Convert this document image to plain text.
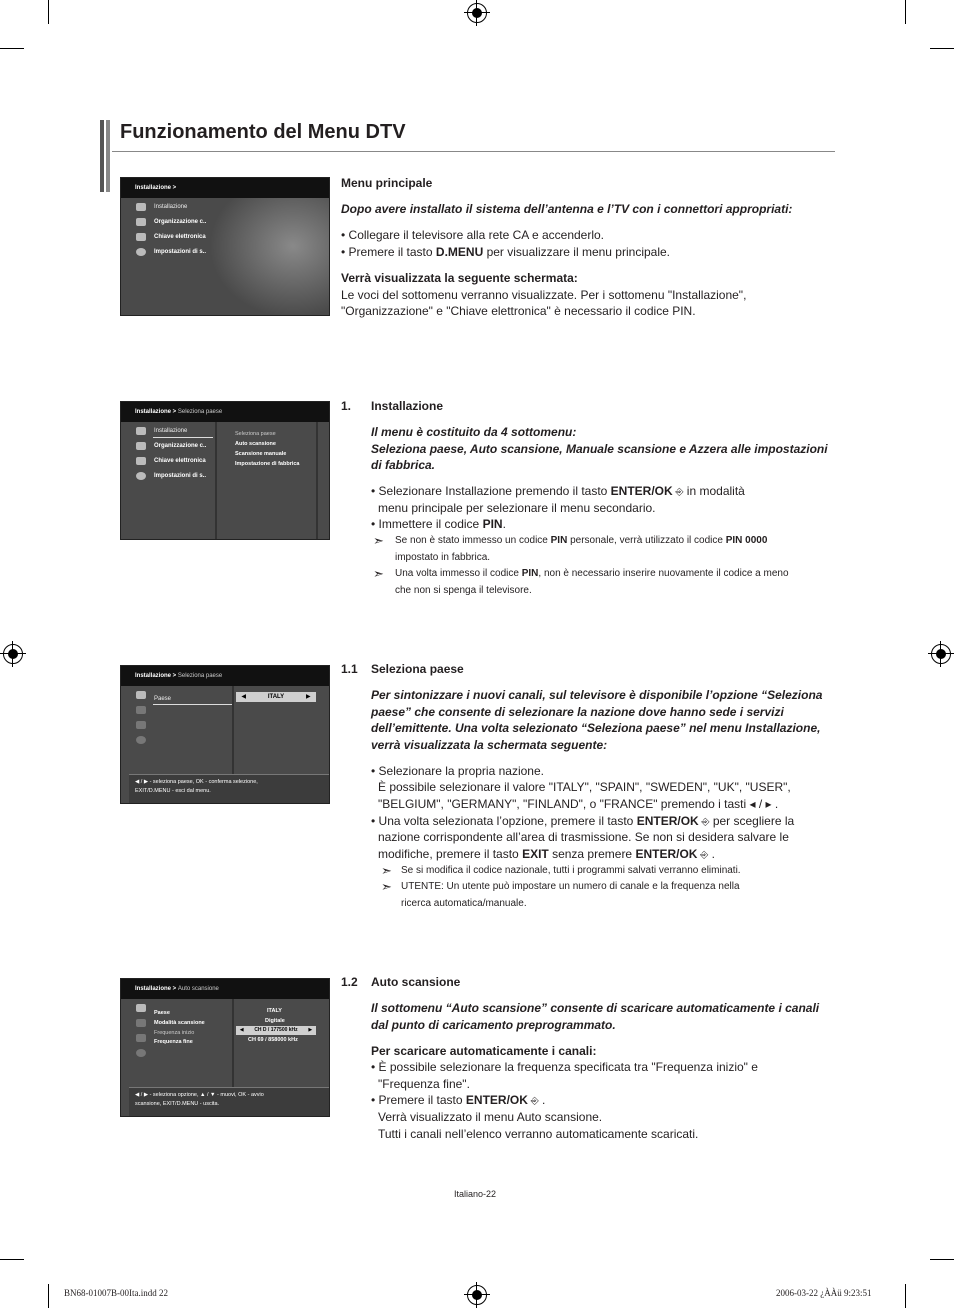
Funzionamento del Menu DTV
Installazione >
Installazione
Organizzazione c..
Chiave elettronica
Impostazioni di s..
Installazione > Seleziona paese
Installazione
Organizzazione c..
Chiave elettronica
Impostazioni di s..
Seleziona paese
Auto scansione
Scansione manuale
Impostazione di fabbrica
Installazione > Seleziona paese
Paese	◀	ITALY	▶
◀ / ▶ - seleziona paese, OK - conferma selezione,
EXIT/D.MENU - esci dal menu.
Installazione > Auto scansione
Paese
Modalità scansione
Frequenza inizio
Frequenza fine
ITALY
Digitale
◀ CH D / 177500 kHz ▶
CH 69 / 858000 kHz
◀ / ▶ - seleziona opzione, ▲ / ▼ - muovi, OK - avvio
scansione, EXIT/D.MENU - uscita.
Menu principale
Dopo avere installato il sistema dell’antenna e l’TV con i connettori appropriati:
• Collegare il televisore alla rete CA e accenderlo.
• Premere il tasto D.MENU per visualizzare il menu principale.
Verrà visualizzata la seguente schermata:
Le voci del sottomenu verranno visualizzate. Per i sottomenu "Installazione",
"Organizzazione" e "Chiave elettronica" è necessario il codice PIN.
1. Installazione
Il menu è costituito da 4 sottomenu:
Seleziona paese, Auto scansione, Manuale scansione e Azzera alle impostazioni
di fabbrica.
• Selezionare Installazione premendo il tasto ENTER/OK ⎆ in modalità
menu principale per selezionare il menu secondario.
• Immettere il codice PIN.
➣ Se non è stato immesso un codice PIN personale, verrà utilizzato il codice PIN 0000
impostato in fabbrica.
➣ Una volta immesso il codice PIN, non è necessario inserire nuovamente il codice a meno
che non si spenga il televisore.
1.1 Seleziona paese
Per sintonizzare i nuovi canali, sul televisore è disponibile l’opzione “Seleziona
paese” che consente di selezionare la nazione dove hanno sede i servizi
dell’emittente. Una volta selezionato “Seleziona paese” nel menu Installazione,
verrà visualizzata la schermata seguente:
• Selezionare la propria nazione.
È possibile selezionare il valore "ITALY", "SPAIN", "SWEDEN", "UK", "USER",
"BELGIUM", "GERMANY", "FINLAND", o "FRANCE" premendo i tasti ◂ / ▸ .
• Una volta selezionata l’opzione, premere il tasto ENTER/OK ⎆ per scegliere la
nazione corrispondente all’area di trasmissione. Se non si desidera salvare le
modifiche, premere il tasto EXIT senza premere ENTER/OK ⎆ .
➣ Se si modifica il codice nazionale, tutti i programmi salvati verranno eliminati.
➣ UTENTE: Un utente può impostare un numero di canale e la frequenza nella
ricerca automatica/manuale.
1.2 Auto scansione
Il sottomenu “Auto scansione” consente di scaricare automaticamente i canali
dal punto di caricamento preprogrammato.
Per scaricare automaticamente i canali:
• È possibile selezionare la frequenza specificata tra "Frequenza inizio" e
"Frequenza fine".
• Premere il tasto ENTER/OK ⎆ .
Verrà visualizzato il menu Auto scansione.
Tutti i canali nell’elenco verranno automaticamente scaricati.
Italiano-22
BN68-01007B-00Ita.indd 22	2006-03-22 ¿ÀÀü 9:23:51
